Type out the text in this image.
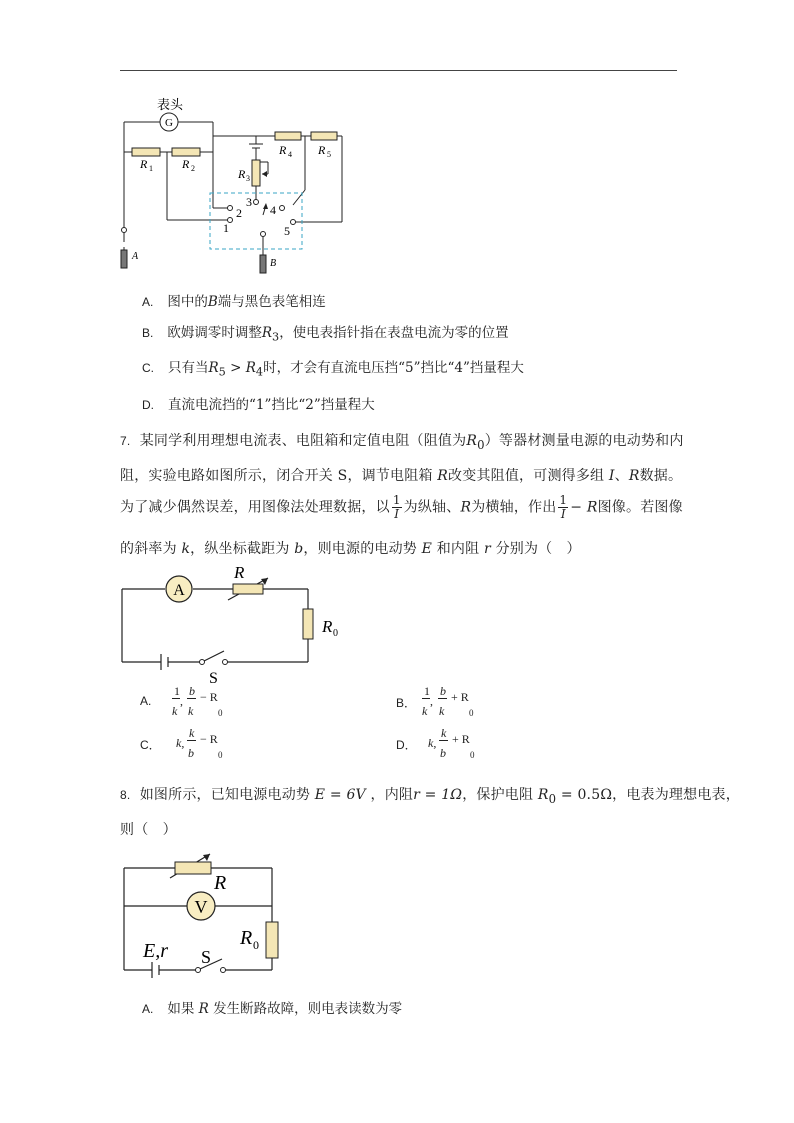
G
表头
R 1 R 2	R 3
R 4 R 5
2
1
3
4
5
A
B
A. 图中的B端与黑色表笔相连
B. 欧姆调零时调整$R_3$，使电表指针指在表盘电流为零的位置
C. 只有当$R_5 > R_4$时，才会有直流电压挡“5”挡比“4”挡量程大
D. 直流电流挡的“1”挡比“2”挡量程大
7. 某同学利用理想电流表、电阻箱和定值电阻（阻值为$R_0$）等器材测量电源的电动势和内
阻，实验电路如图所示，闭合开关 S，调节电阻箱 R改变其阻值，可测得多组 I、R数据。
为了减少偶然误差，用图像法处理数据，以 $\frac{1}{I}$ 为纵轴、R为横轴，作出 $\frac{1}{I} - R$图像。若图像
的斜率为 k，纵坐标截距为 b，则电源的电动势 E 和内阻 r 分别为（　）
A
R
R 0
S
A.
1
,
k
b
k
− R
0
B．
1
,
k
b
k
+ R
0
C． k,
k
b
− R
0
D． k,
k
b
+ R
0
8. 如图所示，已知电源电动势 E = 6V ，内阻r = 1Ω，保护电阻 $R_0 = 0.5\Omega$，电表为理想电表，
则（　）
V
R
R 0
E,r S
A. 如果 R 发生断路故障，则电表读数为零
